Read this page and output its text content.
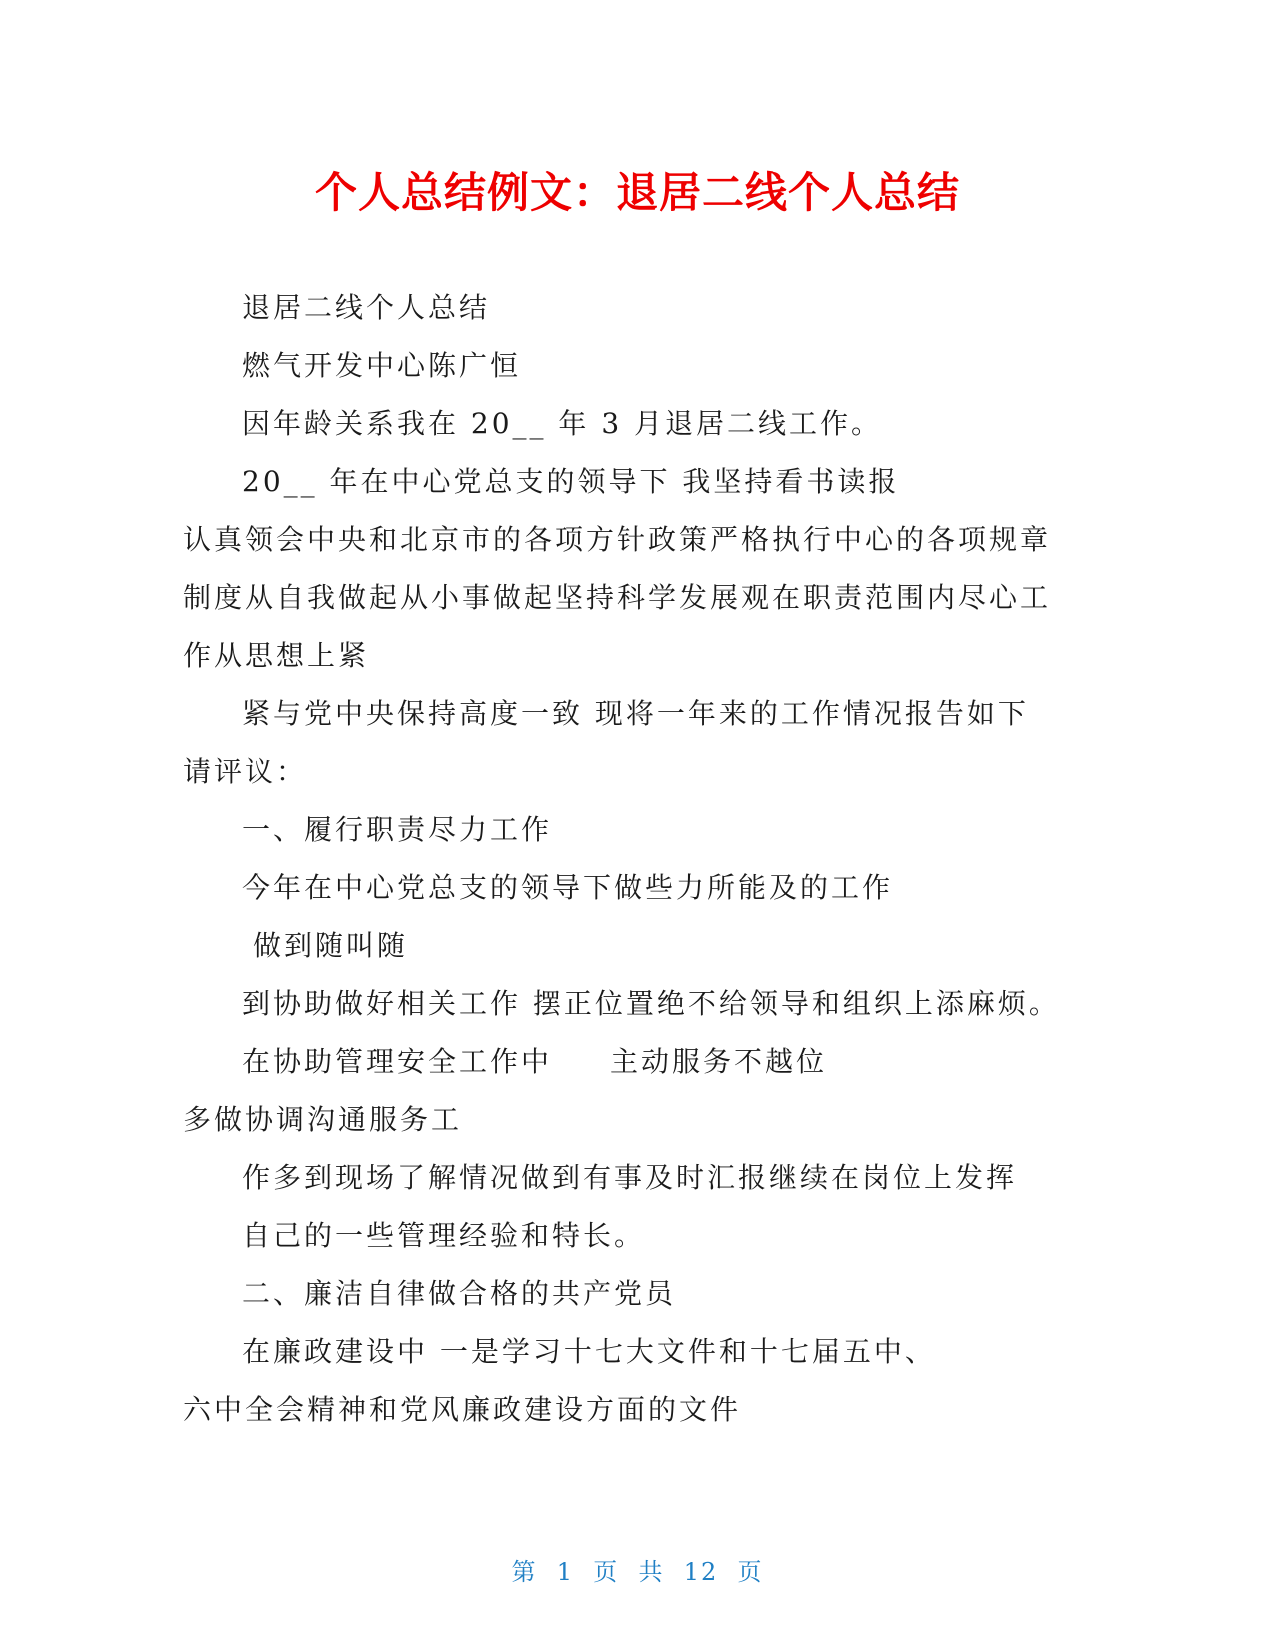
个人总结例文：退居二线个人总结
退居二线个人总结
燃气开发中心陈广恒
因年龄关系我在 20__ 年 3 月退居二线工作。
20__ 年在中心党总支的领导下 我坚持看书读报
认真领会中央和北京市的各项方针政策严格执行中心的各项规章
制度从自我做起从小事做起坚持科学发展观在职责范围内尽心工
作从思想上紧
紧与党中央保持高度一致 现将一年来的工作情况报告如下
请评议：
一、履行职责尽力工作
今年在中心党总支的领导下做些力所能及的工作
做到随叫随
到协助做好相关工作 摆正位置绝不给领导和组织上添麻烦。
在协助管理安全工作中 主动服务不越位
多做协调沟通服务工
作多到现场了解情况做到有事及时汇报继续在岗位上发挥
自己的一些管理经验和特长。
二、廉洁自律做合格的共产党员
在廉政建设中 一是学习十七大文件和十七届五中、
六中全会精神和党风廉政建设方面的文件
第  1  页  共  12  页
